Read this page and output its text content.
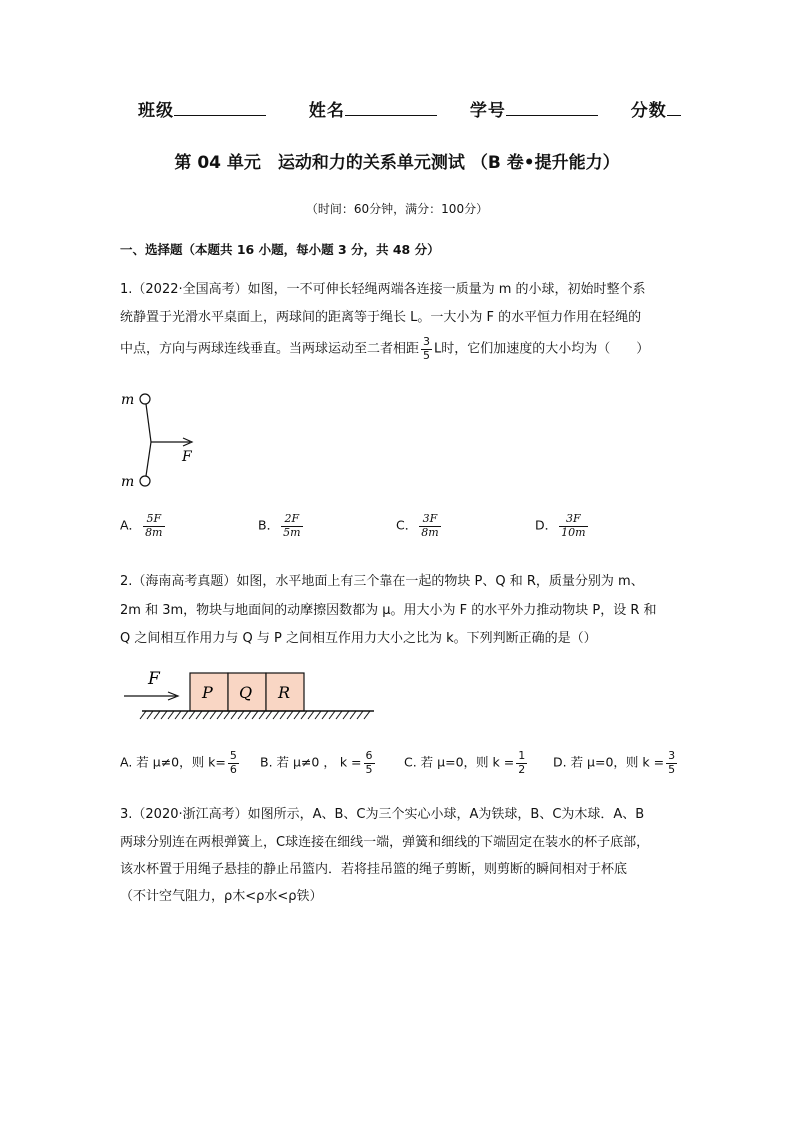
班级	姓名	学号	分数
第 04 单元　运动和力的关系单元测试 （B 卷•提升能力）
（时间：60分钟，满分：100分）
一、选择题（本题共 16 小题，每小题 3 分，共 48 分）
1.（2022·全国高考）如图，一不可伸长轻绳两端各连接一质量为 m 的小球，初始时整个系
统静置于光滑水平桌面上，两球间的距离等于绳长 L。一大小为 F 的水平恒力作用在轻绳的
中点，方向与两球连线垂直。当两球运动至二者相距 $\frac{3}{5}$ L时，它们加速度的大小均为（　　）
m
m
F
A． $\frac{5F}{8m}$	B． $\frac{2F}{5m}$	C． $\frac{3F}{8m}$	D． $\frac{3F}{10m}$
2.（海南高考真题）如图，水平地面上有三个靠在一起的物块 P、Q 和 R，质量分别为 m、
2m 和 3m，物块与地面间的动摩擦因数都为 μ。用大小为 F 的水平外力推动物块 P，设 R 和
Q 之间相互作用力与 Q 与 P 之间相互作用力大小之比为 k。下列判断正确的是（）
F
P Q R
A. 若 μ≠0，则 $k= \frac{5}{6} B$. 若 μ≠0 ， $k = \frac{6}{5} C$. 若 μ=0，则 $k = \frac{1}{2} D$. 若 μ=0，则 $k = \frac{3}{5}$
3.（2020·浙江高考）如图所示，A、B、C为三个实心小球，A为铁球，B、C为木球．A、B
两球分别连在两根弹簧上，C球连接在细线一端，弹簧和细线的下端固定在装水的杯子底部，
该水杯置于用绳子悬挂的静止吊篮内．若将挂吊篮的绳子剪断，则剪断的瞬间相对于杯底
（不计空气阻力，ρ木<ρ水<ρ铁）
